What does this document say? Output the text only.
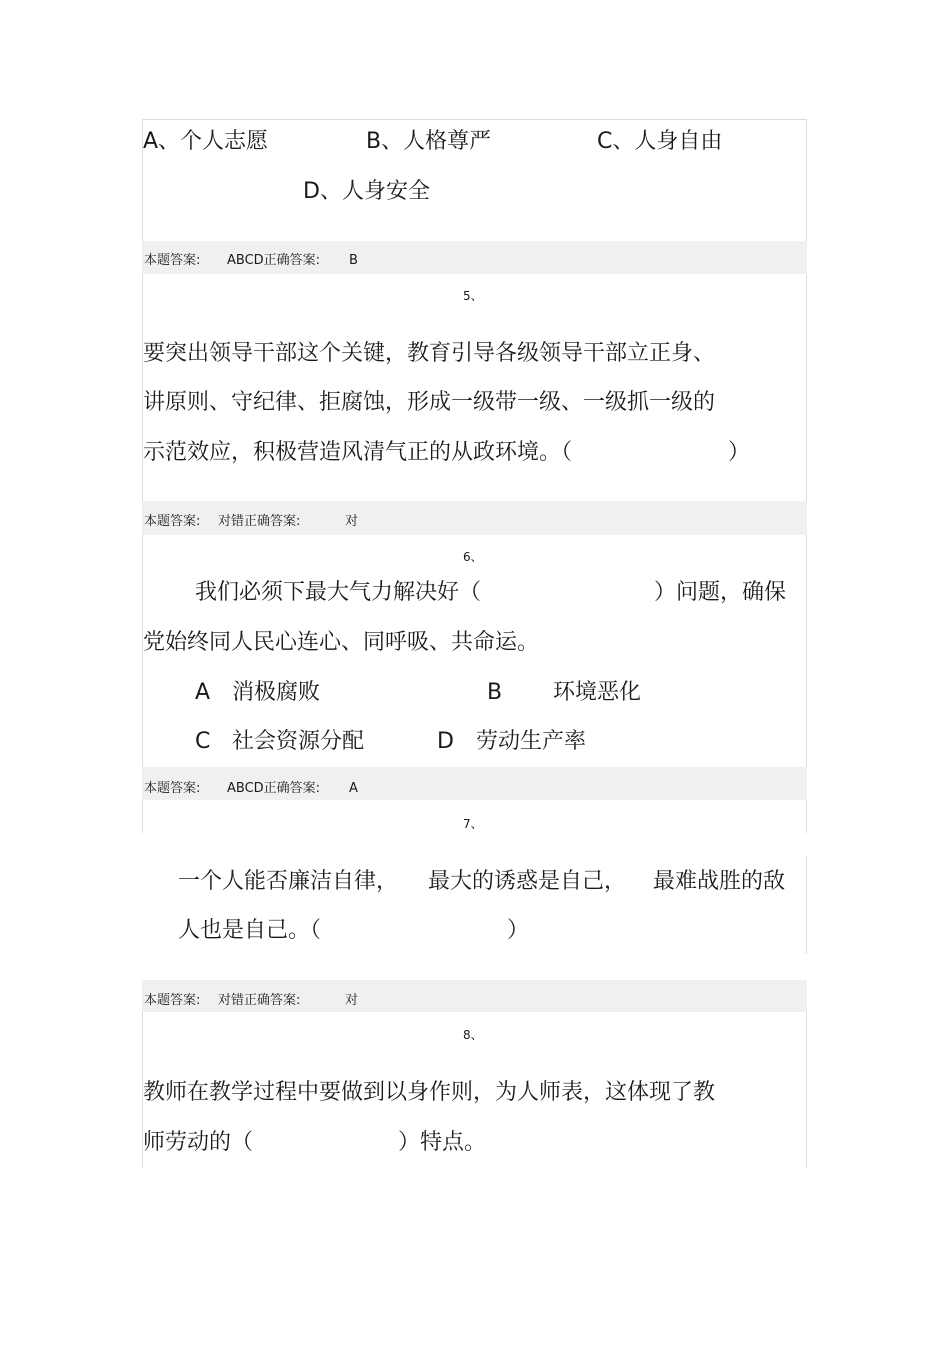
A、个人志愿	B、人格尊严	C、人身自由
D、人身安全
本题答案: ABCD正确答案: B
5、
要突出领导干部这个关键，教育引导各级领导干部立正身、
讲原则、守纪律、拒腐蚀，形成一级带一级、一级抓一级的
示范效应，积极营造风清气正的从政环境。（	）
本题答案: 对错正确答案:	对
6、
我们必须下最大气力解决好（	）问题，确保
党始终同人民心连心、同呼吸、共命运。
A 消极腐败	B 环境恶化
C 社会资源分配	D 劳动生产率
本题答案: ABCD正确答案: A
7、
一个人能否廉洁自律， 最大的诱惑是自己， 最难战胜的敌
人也是自己。（	）
本题答案: 对错正确答案:	对
8、
教师在教学过程中要做到以身作则，为人师表，这体现了教
师劳动的（	）特点。
